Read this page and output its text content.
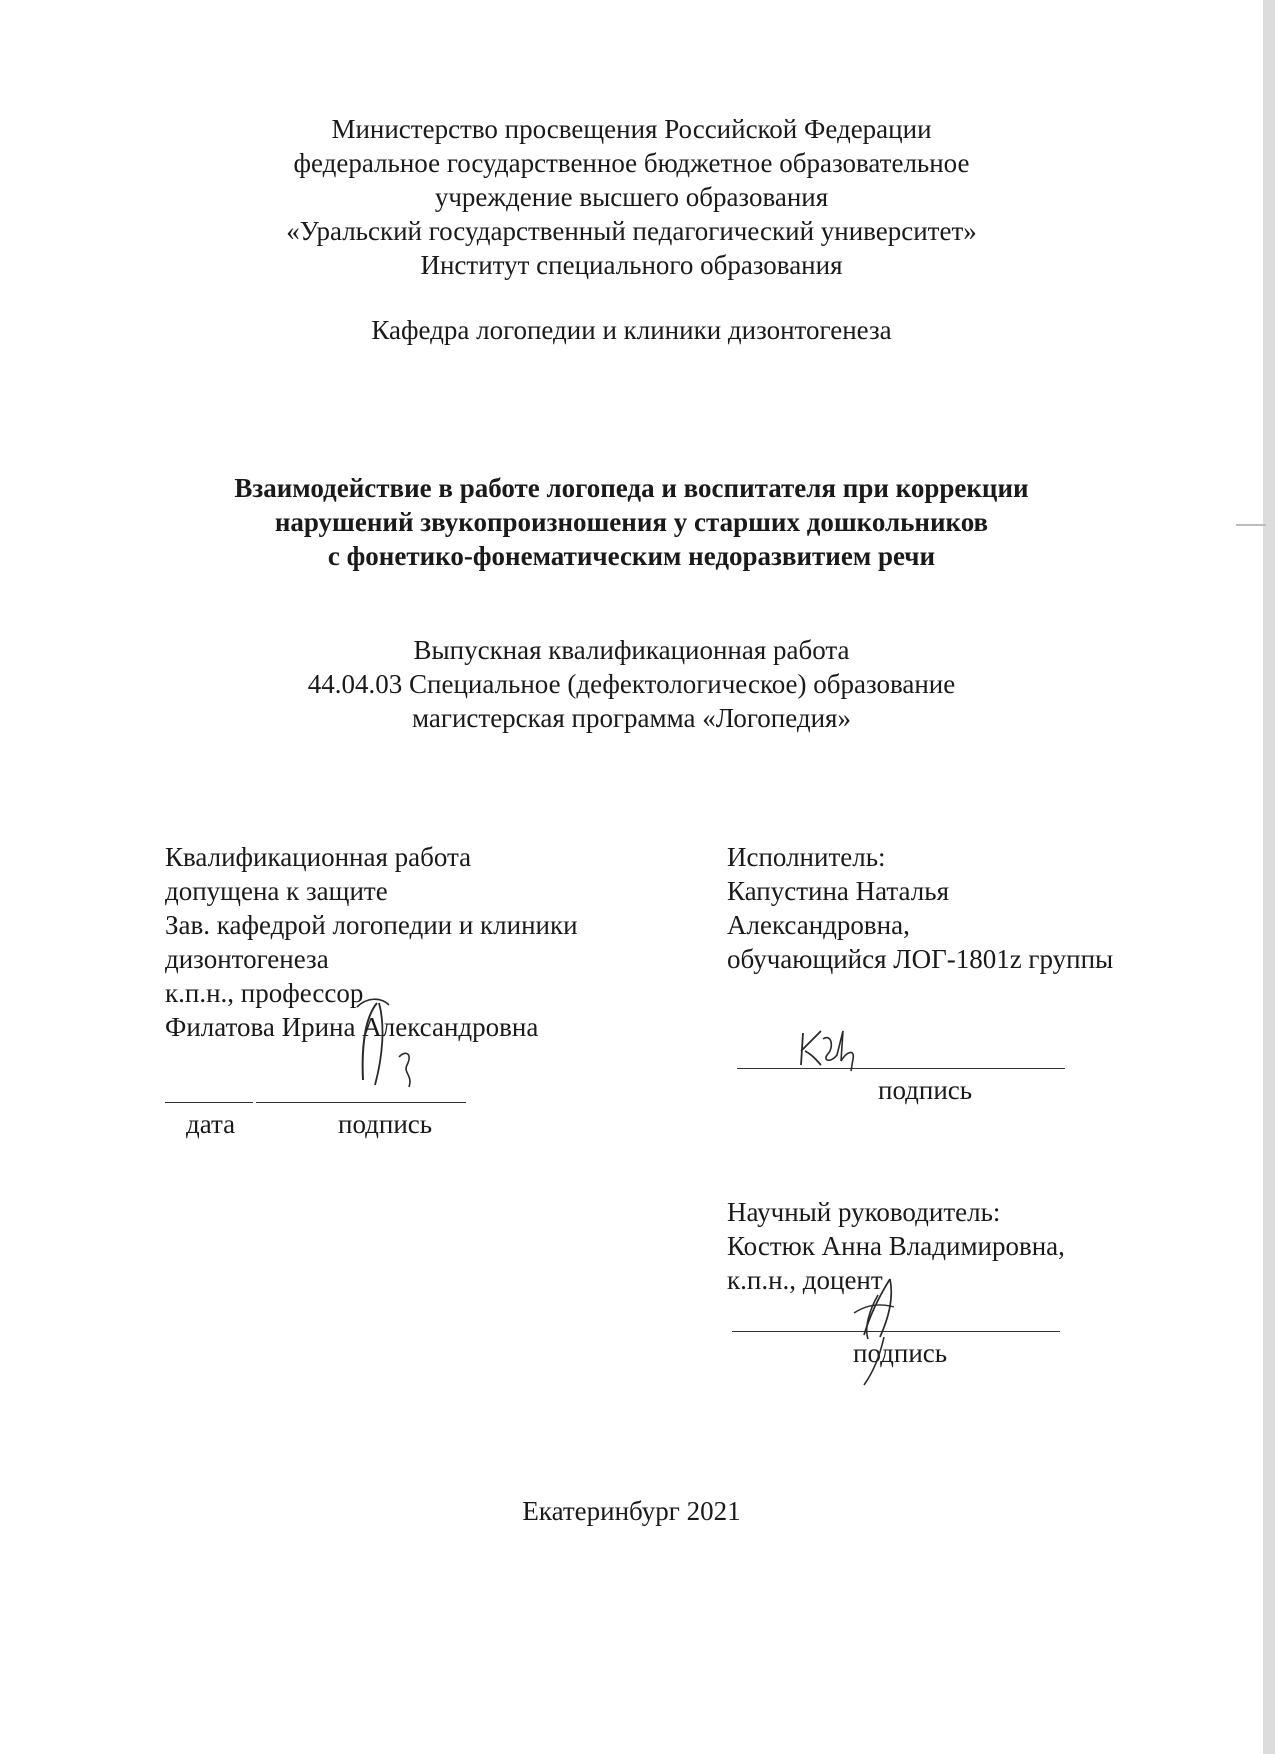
Министерство просвещения Российской Федерации
федеральное государственное бюджетное образовательное
учреждение высшего образования
«Уральский государственный педагогический университет»
Институт специального образования
Кафедра логопедии и клиники дизонтогенеза
Взаимодействие в работе логопеда и воспитателя при коррекции
нарушений звукопроизношения у старших дошкольников
с фонетико-фонематическим недоразвитием речи
Выпускная квалификационная работа
44.04.03 Специальное (дефектологическое) образование
магистерская программа «Логопедия»
Квалификационная работа
допущена к защите
Зав. кафедрой логопедии и клиники
дизонтогенеза
к.п.н., профессор
Филатова Ирина Александровна
дата	подпись
Исполнитель:
Капустина Наталья
Александровна,
обучающийся ЛОГ-1801z группы
подпись
Научный руководитель:
Костюк Анна Владимировна,
к.п.н., доцент
подпись
Екатеринбург 2021
